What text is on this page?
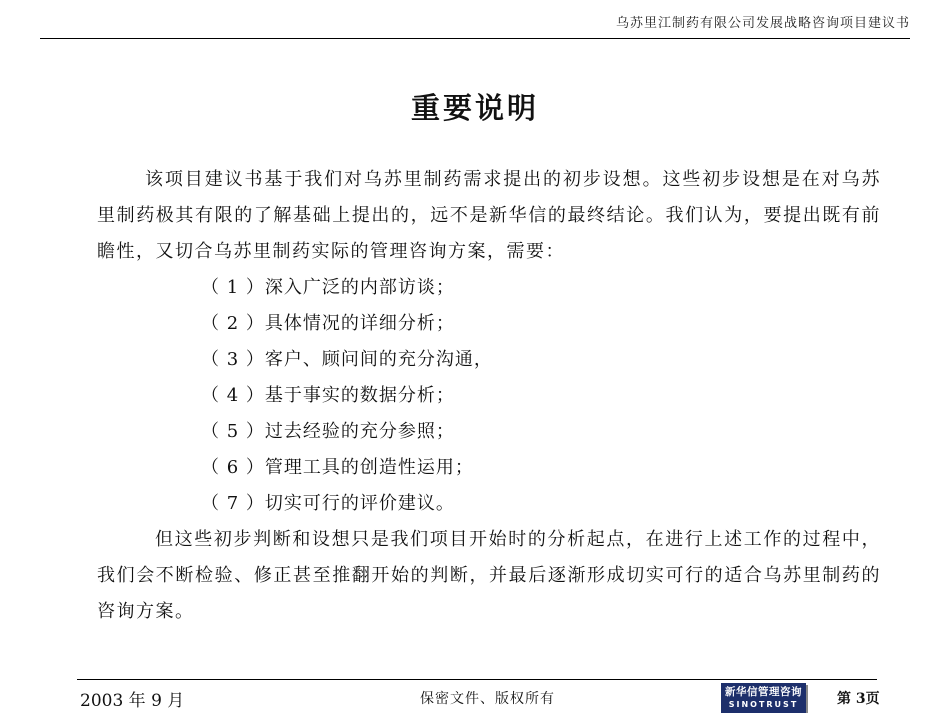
乌苏里江制药有限公司发展战略咨询项目建议书
重要说明

该项目建议书基于我们对乌苏里制药需求提出的初步设想。这些初步设想是在对乌苏里制药极其有限的了解基础上提出的，远不是新华信的最终结论。我们认为，要提出既有前瞻性，又切合乌苏里制药实际的管理咨询方案，需要：

（ 1 ）深入广泛的内部访谈；
（ 2 ）具体情况的详细分析；
（ 3 ）客户、顾问间的充分沟通，
（ 4 ）基于事实的数据分析；
（ 5 ）过去经验的充分参照；
（ 6 ）管理工具的创造性运用；
（ 7 ）切实可行的评价建议。

但这些初步判断和设想只是我们项目开始时的分析起点，在进行上述工作的过程中，我们会不断检验、修正甚至推翻开始的判断，并最后逐渐形成切实可行的适合乌苏里制药的咨询方案。

2003 年 9 月	保密文件、版权所有	新华信管理咨询
SINOTRUST	第 3页
